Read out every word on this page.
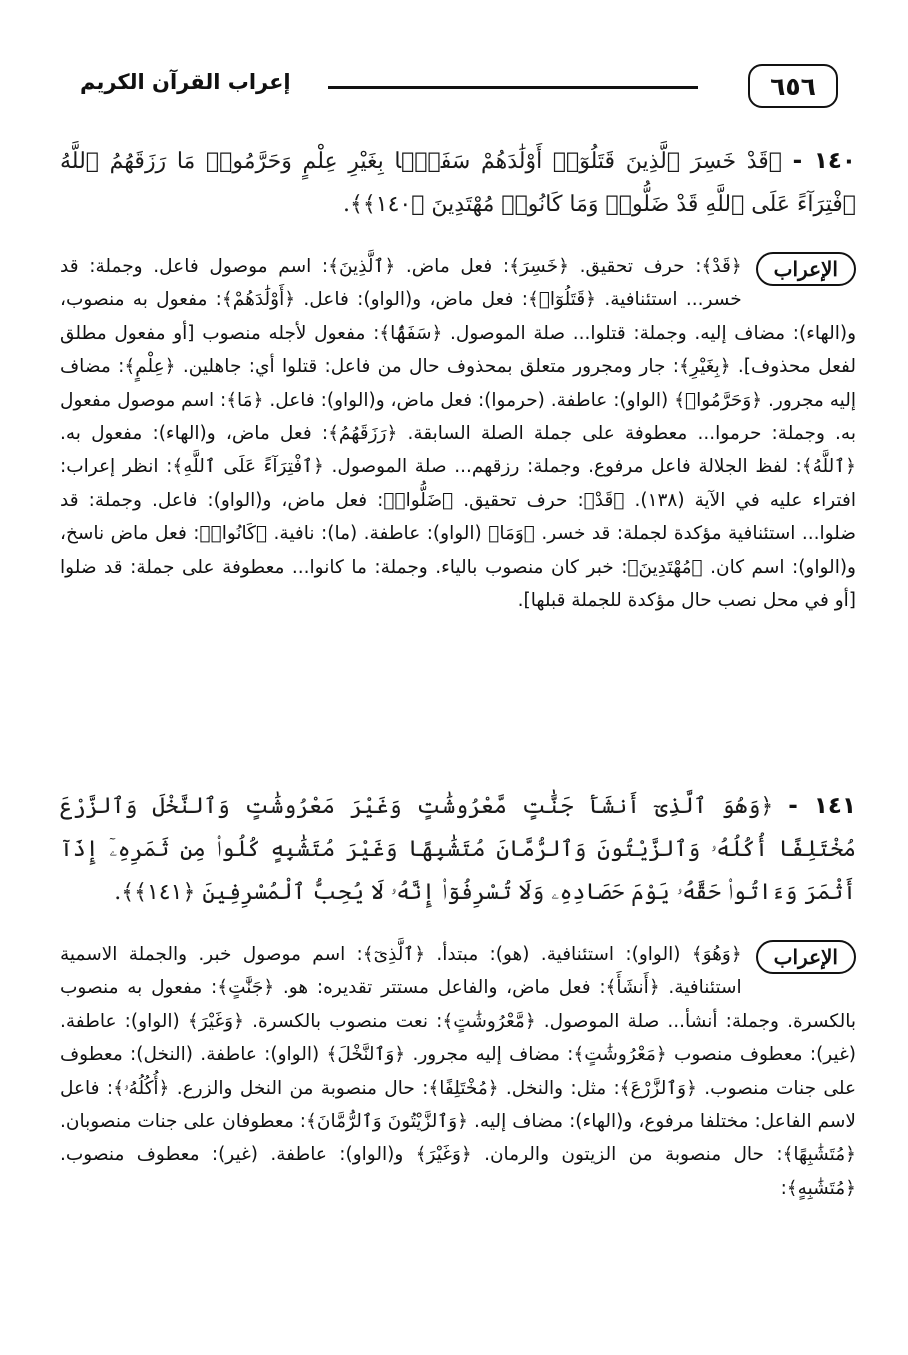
٦٥٦
إعراب القرآن الكريم
١٤٠ - ﴿قَدْ خَسِرَ ٱلَّذِينَ قَتَلُوٓا۟ أَوْلَٰدَهُمْ سَفَهًۢا بِغَيْرِ عِلْمٍ وَحَرَّمُوا۟ مَا رَزَقَهُمُ ٱللَّهُ ٱفْتِرَآءً عَلَى ٱللَّهِ قَدْ ضَلُّوا۟ وَمَا كَانُوا۟ مُهْتَدِينَ ﴿١٤٠﴾﴾.
الإعراب
﴿قَدْ﴾: حرف تحقيق. ﴿خَسِرَ﴾: فعل ماض. ﴿ٱلَّذِينَ﴾: اسم موصول فاعل. وجملة: قد خسر... استئنافية. ﴿قَتَلُوٓا۟﴾: فعل ماض، و(الواو): فاعل. ﴿أَوْلَٰدَهُمْ﴾: مفعول به منصوب، و(الهاء): مضاف إليه. وجملة: قتلوا... صلة الموصول. ﴿سَفَهًۢا﴾: مفعول لأجله منصوب [أو مفعول مطلق لفعل محذوف]. ﴿بِغَيْرِ﴾: جار ومجرور متعلق بمحذوف حال من فاعل: قتلوا أي: جاهلين. ﴿عِلْمٍ﴾: مضاف إليه مجرور. ﴿وَحَرَّمُوا۟﴾ (الواو): عاطفة. (حرموا): فعل ماض، و(الواو): فاعل. ﴿مَا﴾: اسم موصول مفعول به. وجملة: حرموا... معطوفة على جملة الصلة السابقة. ﴿رَزَقَهُمُ﴾: فعل ماض، و(الهاء): مفعول به. ﴿ٱللَّهُ﴾: لفظ الجلالة فاعل مرفوع. وجملة: رزقهم... صلة الموصول. ﴿ٱفْتِرَآءً عَلَى ٱللَّهِ﴾: انظر إعراب: افتراء عليه في الآية (١٣٨). ﴿قَدْ﴾: حرف تحقيق. ﴿ضَلُّوا۟﴾: فعل ماض، و(الواو): فاعل. وجملة: قد ضلوا... استئنافية مؤكدة لجملة: قد خسر. ﴿وَمَا﴾ (الواو): عاطفة. (ما): نافية. ﴿كَانُوا۟﴾: فعل ماض ناسخ، و(الواو): اسم كان. ﴿مُهْتَدِينَ﴾: خبر كان منصوب بالياء. وجملة: ما كانوا... معطوفة على جملة: قد ضلوا [أو في محل نصب حال مؤكدة للجملة قبلها].
١٤١ - ﴿وَهُوَ ٱلَّذِىٓ أَنشَأَ جَنَّٰتٍ مَّعْرُوشَٰتٍ وَغَيْرَ مَعْرُوشَٰتٍ وَٱلنَّخْلَ وَٱلزَّرْعَ مُخْتَلِفًا أُكُلُهُۥ وَٱلزَّيْتُونَ وَٱلرُّمَّانَ مُتَشَٰبِهًا وَغَيْرَ مُتَشَٰبِهٍ كُلُوا۟ مِن ثَمَرِهِۦٓ إِذَآ أَثْمَرَ وَءَاتُوا۟ حَقَّهُۥ يَوْمَ حَصَادِهِۦ وَلَا تُسْرِفُوٓا۟ إِنَّهُۥ لَا يُحِبُّ ٱلْمُسْرِفِينَ ﴿١٤١﴾﴾.
الإعراب
﴿وَهُوَ﴾ (الواو): استئنافية. (هو): مبتدأ. ﴿ٱلَّذِىٓ﴾: اسم موصول خبر. والجملة الاسمية استئنافية. ﴿أَنشَأَ﴾: فعل ماض، والفاعل مستتر تقديره: هو. ﴿جَنَّٰتٍ﴾: مفعول به منصوب بالكسرة. وجملة: أنشأ... صلة الموصول. ﴿مَّعْرُوشَٰتٍ﴾: نعت منصوب بالكسرة. ﴿وَغَيْرَ﴾ (الواو): عاطفة. (غير): معطوف منصوب ﴿مَعْرُوشَٰتٍ﴾: مضاف إليه مجرور. ﴿وَٱلنَّخْلَ﴾ (الواو): عاطفة. (النخل): معطوف على جنات منصوب. ﴿وَٱلزَّرْعَ﴾: مثل: والنخل. ﴿مُخْتَلِفًا﴾: حال منصوبة من النخل والزرع. ﴿أُكُلُهُۥ﴾: فاعل لاسم الفاعل: مختلفا مرفوع، و(الهاء): مضاف إليه. ﴿وَٱلزَّيْتُونَ وَٱلرُّمَّانَ﴾: معطوفان على جنات منصوبان. ﴿مُتَشَٰبِهًا﴾: حال منصوبة من الزيتون والرمان. ﴿وَغَيْرَ﴾ و(الواو): عاطفة. (غير): معطوف منصوب. ﴿مُتَشَٰبِهٍ﴾:
